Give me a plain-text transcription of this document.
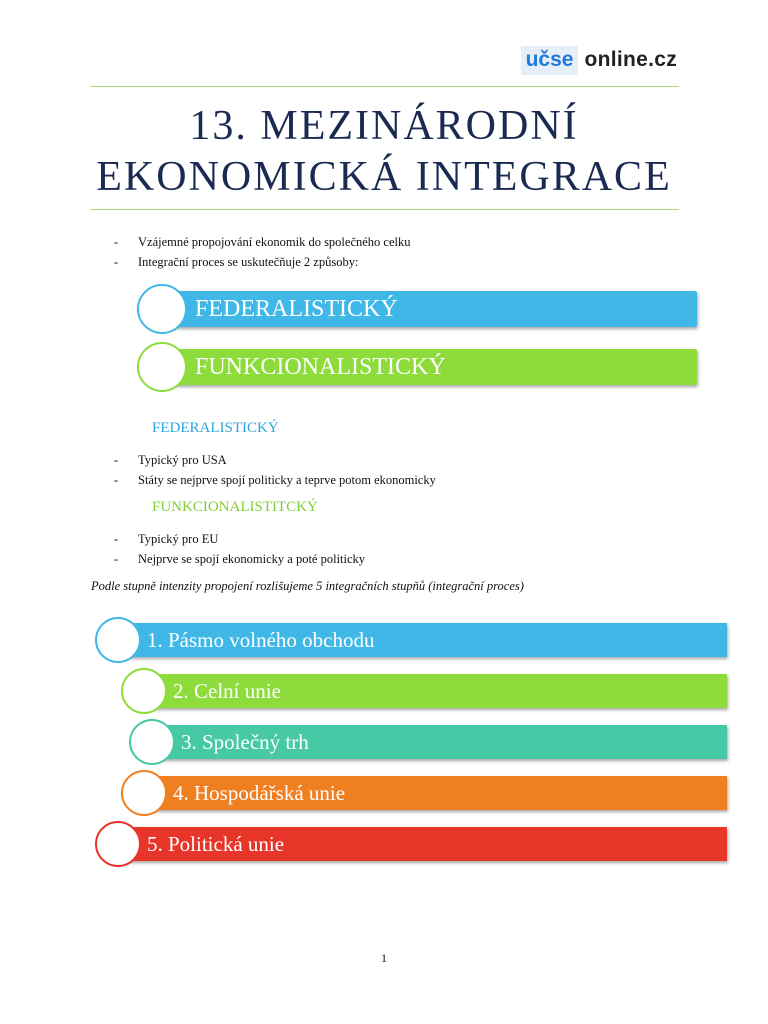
učse online.cz
13. MEZINÁRODNÍ
EKONOMICKÁ INTEGRACE
- Vzájemné propojování ekonomik do společného celku
- Integrační proces se uskutečňuje 2 způsoby:
FEDERALISTICKÝ
FUNKCIONALISTICKÝ
FEDERALISTICKÝ
- Typický pro USA
- Státy se nejprve spojí politicky a teprve potom ekonomicky
FUNKCIONALISTITCKÝ
- Typický pro EU
- Nejprve se spojí ekonomicky a poté politicky
Podle stupně intenzity propojení rozlišujeme 5 integračních stupňů (integrační proces)
1. Pásmo volného obchodu
2. Celní unie
3. Společný trh
4. Hospodářská unie
5. Politická unie
1
